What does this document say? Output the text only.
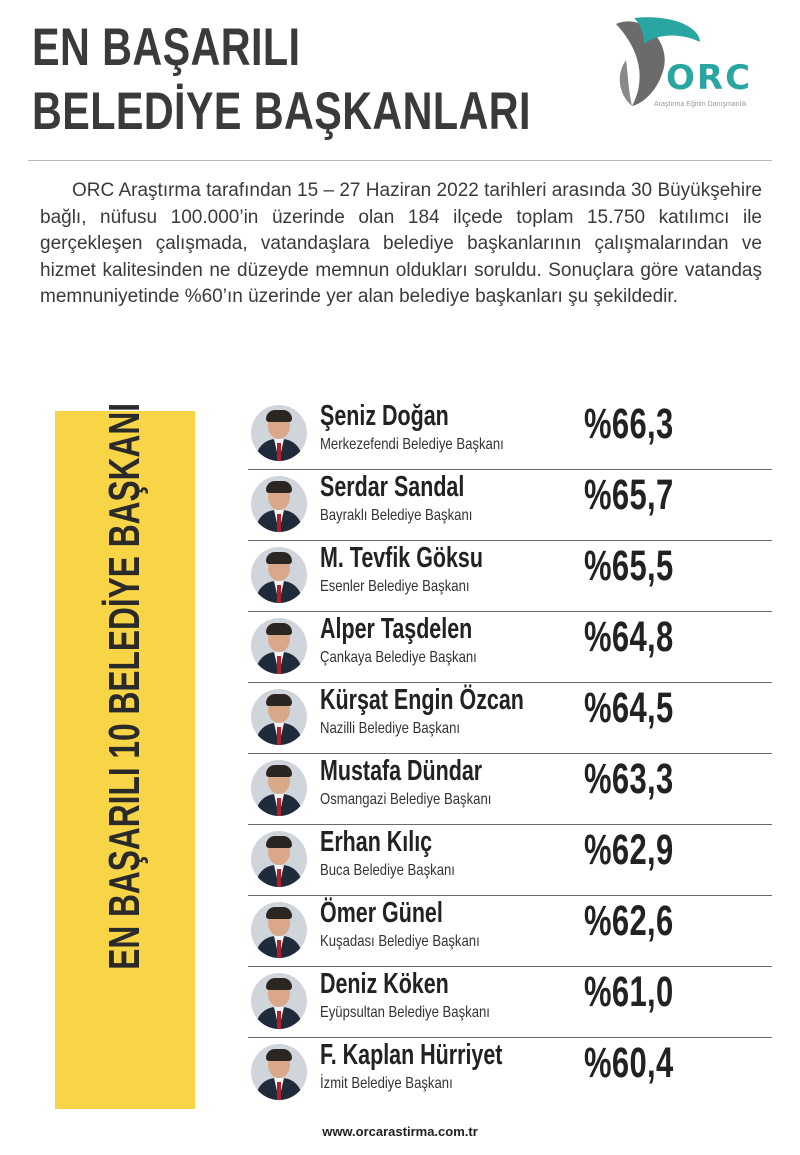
EN BAŞARILI
BELEDİYE BAŞKANLARI
ORC
Araştırma Eğitim Danışmanlık
ORC Araştırma tarafından 15 – 27 Haziran 2022 tarihleri arasında 30 Büyükşehire bağlı, nüfusu 100.000’in üzerinde olan 184 ilçede toplam 15.750 katılımcı ile gerçekleşen çalışmada, vatandaşlara belediye başkanlarının çalışmalarından ve hizmet kalitesinden ne düzeyde memnun oldukları soruldu. Sonuçlara göre vatandaş memnuniyetinde %60’ın üzerinde yer alan belediye başkanları şu şekildedir.
EN BAŞARILI 10 BELEDİYE BAŞKANI	Şeniz Doğan
Merkezefendi Belediye Başkanı %66,3
Serdar Sandal
Bayraklı Belediye Başkanı	%65,7
M. Tevfik Göksu
Esenler Belediye Başkanı	%65,5
Alper Taşdelen
Çankaya Belediye Başkanı %64,8
Kürşat Engin Özcan
Nazilli Belediye Başkanı	%64,5
Mustafa Dündar
Osmangazi Belediye Başkanı %63,3
Erhan Kılıç
Buca Belediye Başkanı	%62,9
Ömer Günel
Kuşadası Belediye Başkanı %62,6
Deniz Köken
Eyüpsultan Belediye Başkanı %61,0
F. Kaplan Hürriyet
İzmit Belediye Başkanı	%60,4
www.orcarastirma.com.tr
